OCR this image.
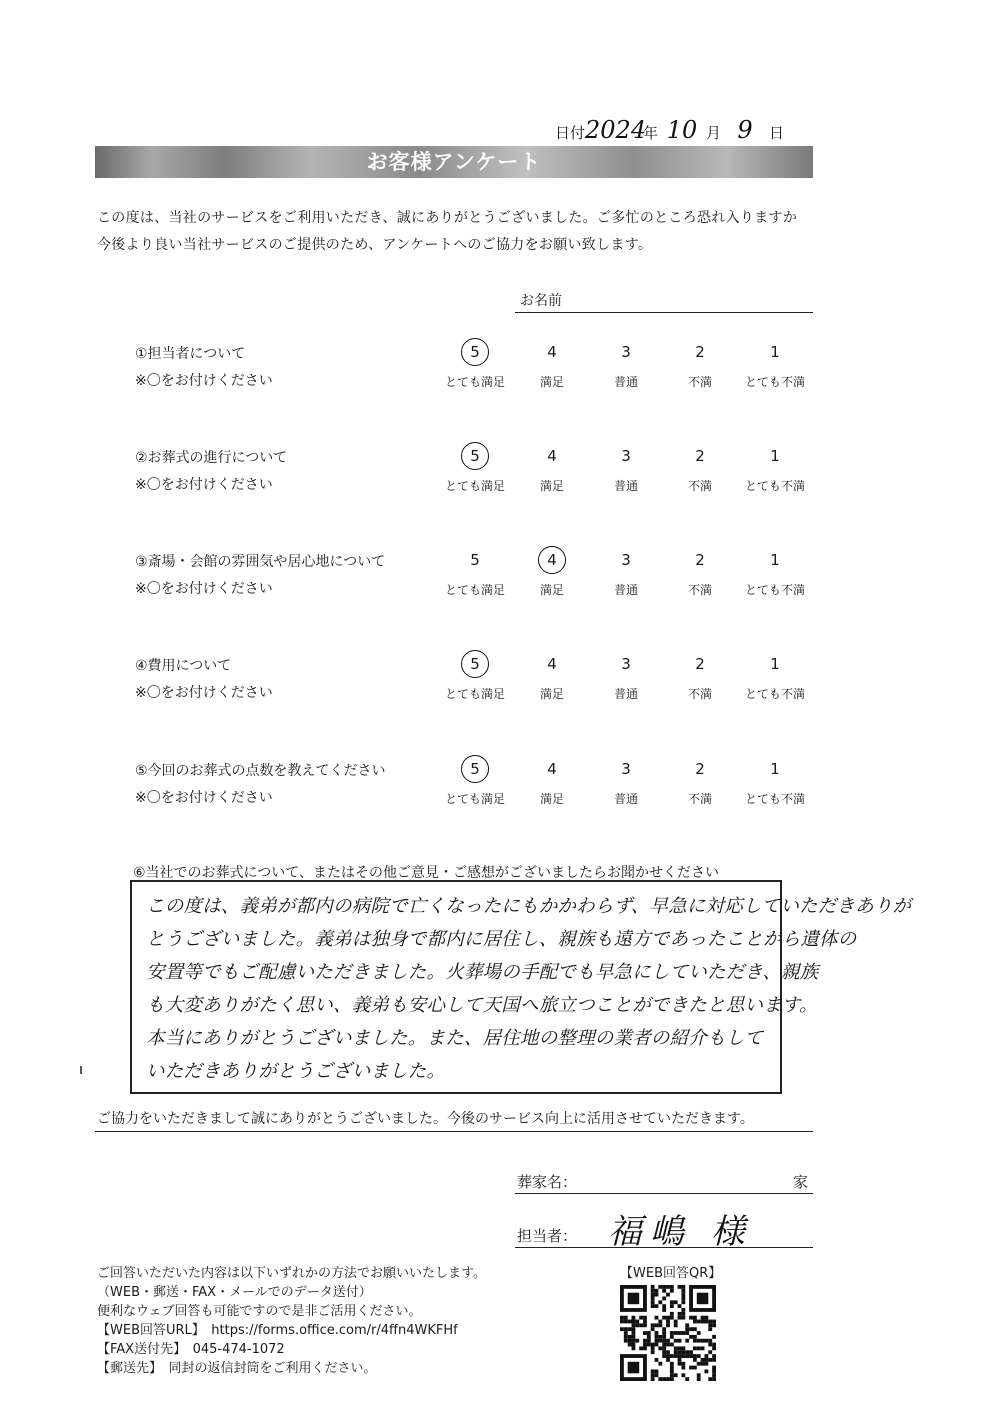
日付2024年 10 月 9 日
お客様アンケート
この度は、当社のサービスをご利用いただき、誠にありがとうございました。ご多忙のところ恐れ入りますか
今後より良い当社サービスのご提供のため、アンケートへのご協力をお願い致します。
お名前
①担当者について
※〇をお付けください
5
とても満足
4
満足
3
普通
2
不満
1
とても不満
②お葬式の進行について
※〇をお付けください
5
とても満足
4
満足
3
普通
2
不満
1
とても不満
③斎場・会館の雰囲気や居心地について
※〇をお付けください
5
とても満足
4
満足
3
普通
2
不満
1
とても不満
④費用について
※〇をお付けください
5
とても満足
4
満足
3
普通
2
不満
1
とても不満
⑤今回のお葬式の点数を教えてください
※〇をお付けください
5
とても満足
4
満足
3
普通
2
不満
1
とても不満
⑥当社でのお葬式について、またはその他ご意見・ご感想がございましたらお聞かせください
この度は、義弟が都内の病院で亡くなったにもかかわらず、早急に対応していただきありが
とうございました。義弟は独身で都内に居住し、親族も遠方であったことから遺体の
安置等でもご配慮いただきました。火葬場の手配でも早急にしていただき、親族
も大変ありがたく思い、義弟も安心して天国へ旅立つことができたと思います。
本当にありがとうございました。また、居住地の整理の業者の紹介もして
いただきありがとうございました。
ご協力をいただきまして誠にありがとうございました。今後のサービス向上に活用させていただきます。
葬家名：	家
担当者： 福嶋 様
ご回答いただいた内容は以下いずれかの方法でお願いいたします。
（WEB・郵送・FAX・メールでのデータ送付）
便利なウェブ回答も可能ですので是非ご活用ください。
【WEB回答URL】　https://forms.office.com/r/4ffn4WKFHf
【FAX送付先】　045-474-1072
【郵送先】　同封の返信封筒をご利用ください。
【WEB回答QR】
